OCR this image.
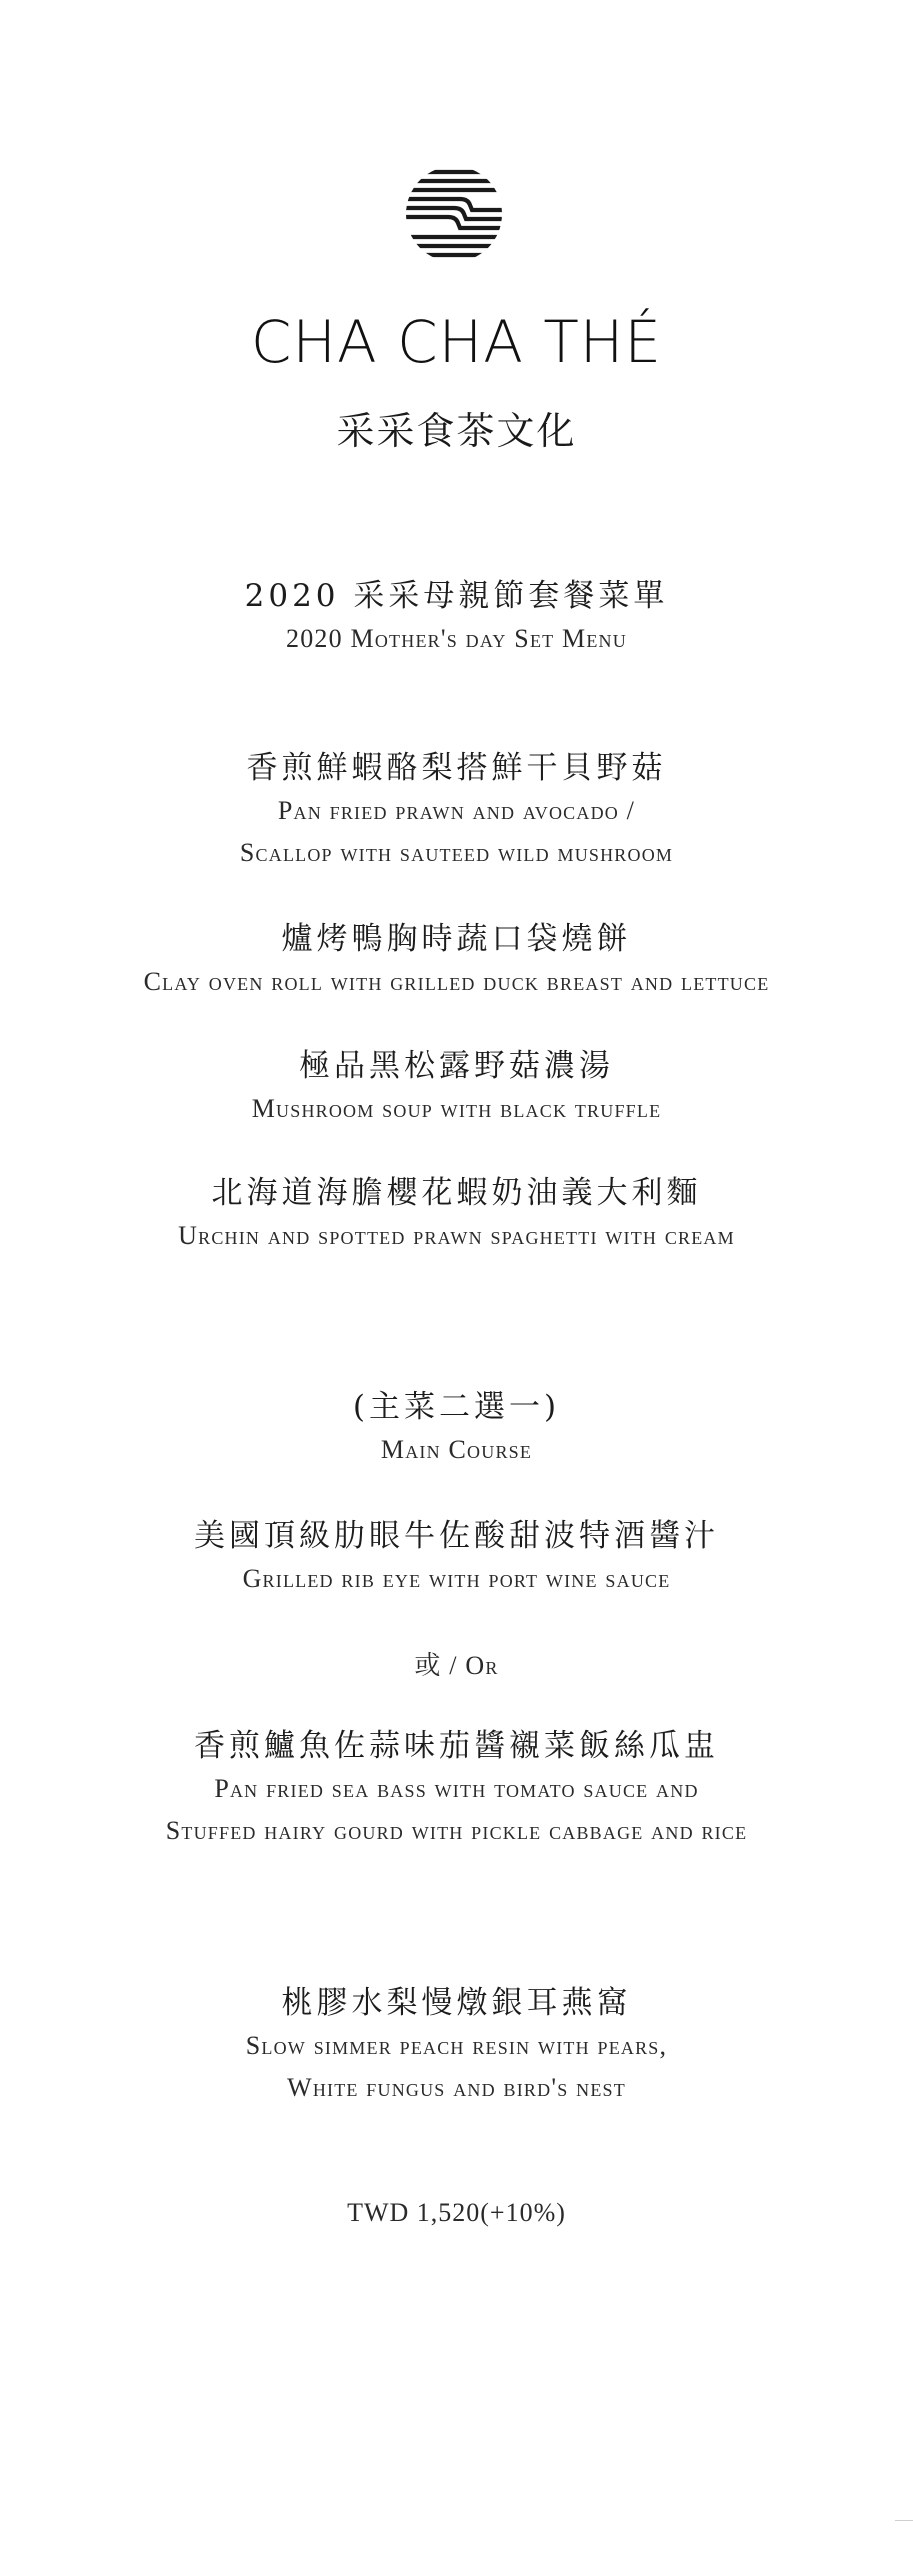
CHA CHA THÉ
采采食茶文化
2020 采采母親節套餐菜單
2020 Mother's day Set Menu
香煎鮮蝦酪梨搭鮮干貝野菇
Pan fried prawn and avocado /
Scallop with sauteed wild mushroom
爐烤鴨胸時蔬口袋燒餅
Clay oven roll with grilled duck breast and lettuce
極品黑松露野菇濃湯
Mushroom soup with black truffle
北海道海膽櫻花蝦奶油義大利麵
Urchin and spotted prawn spaghetti with cream
(主菜二選一)
Main Course
美國頂級肋眼牛佐酸甜波特酒醬汁
Grilled rib eye with port wine sauce
或 / Or
香煎鱸魚佐蒜味茄醬襯菜飯絲瓜盅
Pan fried sea bass with tomato sauce and
Stuffed hairy gourd with pickle cabbage and rice
桃膠水梨慢燉銀耳燕窩
Slow simmer peach resin with pears,
White fungus and bird's nest
TWD 1,520(+10%)
